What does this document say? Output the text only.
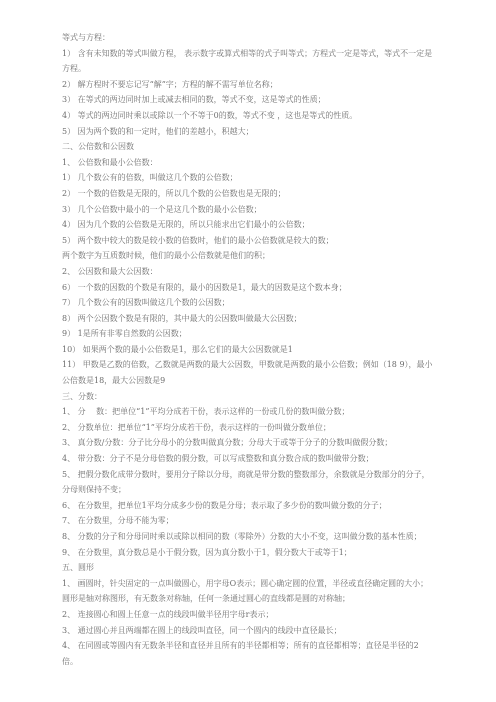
等式与方程：

1） 含有未知数的等式叫做方程， 表示数字或算式相等的式子叫等式；方程式一定是等式，等式不一定是方程。

2） 解方程时不要忘记写“解”字；方程的解不需写单位名称；

3） 在等式的两边同时加上或减去相同的数，等式不变，这是等式的性质；

4） 等式的两边同时乘以或除以一个不等于0的数，等式不变 ，这也是等式的性质。

5） 因为两个数的和一定时，他们的差越小，积越大；

二、公倍数和公因数

1、 公倍数和最小公倍数：

1） 几个数公有的倍数，叫做这几个数的公倍数；

2） 一个数的倍数是无限的，所以几个数的公倍数也是无限的；

3） 几个公倍数中最小的一个是这几个数的最小公倍数；

4） 因为几个数的公倍数是无限的，所以只能求出它们最小的公倍数；

5） 两个数中较大的数是较小数的倍数时，他们的最小公倍数就是较大的数；

两个数字为互质数时候，他们的最小公倍数就是他们的积；

2、 公因数和最大公因数：

6） 一个数的因数的个数是有限的，最小的因数是1，最大的因数是这个数本身；

7） 几个数公有的因数叫做这几个数的公因数；

8） 两个公因数个数是有限的，其中最大的公因数叫做最大公因数；

9） 1是所有非零自然数的公因数；

10） 如果两个数的最小公倍数是1，那么它们的最大公因数就是1

11） 甲数是乙数的倍数，乙数就是两数的最大公因数，甲数就是两数的最小公倍数；例如（18 9），最小公倍数是18，最大公因数是9

三、分数：

1、 分　 数：把单位“1”平均分成若干份，表示这样的一份或几份的数叫做分数；

2、 分数单位：把单位“1”平均分成若干份，表示这样的一份叫做分数单位；

3、 真分数/分数：分子比分母小的分数叫做真分数；分母大于或等于分子的分数叫做假分数；

4、 带分数：分子不是分母倍数的假分数，可以写成整数和真分数合成的数叫做带分数；

5、 把假分数化成带分数时，要用分子除以分母，商就是带分数的整数部分，余数就是分数部分的分子，分母则保持不变；

6、 在分数里，把单位1平均分成多少份的数是分母；表示取了多少份的数叫做分数的分子；

7、 在分数里，分母不能为零；

8、 分数的分子和分母同时乘以或除以相同的数（零除外）分数的大小不变，这叫做分数的基本性质；

9、 在分数里，真分数总是小于假分数，因为真分数小于1，假分数大于或等于1；

五、圆形

1、 画圆时，针尖固定的一点叫做圆心，用字母O表示；圆心确定圆的位置，半径或直径确定圆的大小；圆形是轴对称图形，有无数条对称轴，任何一条通过圆心的直线都是圆的对称轴；

2、 连接圆心和圆上任意一点的线段叫做半径用字母r表示；

3、 通过圆心并且两端都在圆上的线段叫直径，同一个圆内的线段中直径最长；

4、 在同圆或等圆内有无数条半径和直径并且所有的半径都相等；所有的直径都相等；直径是半径的2倍。
